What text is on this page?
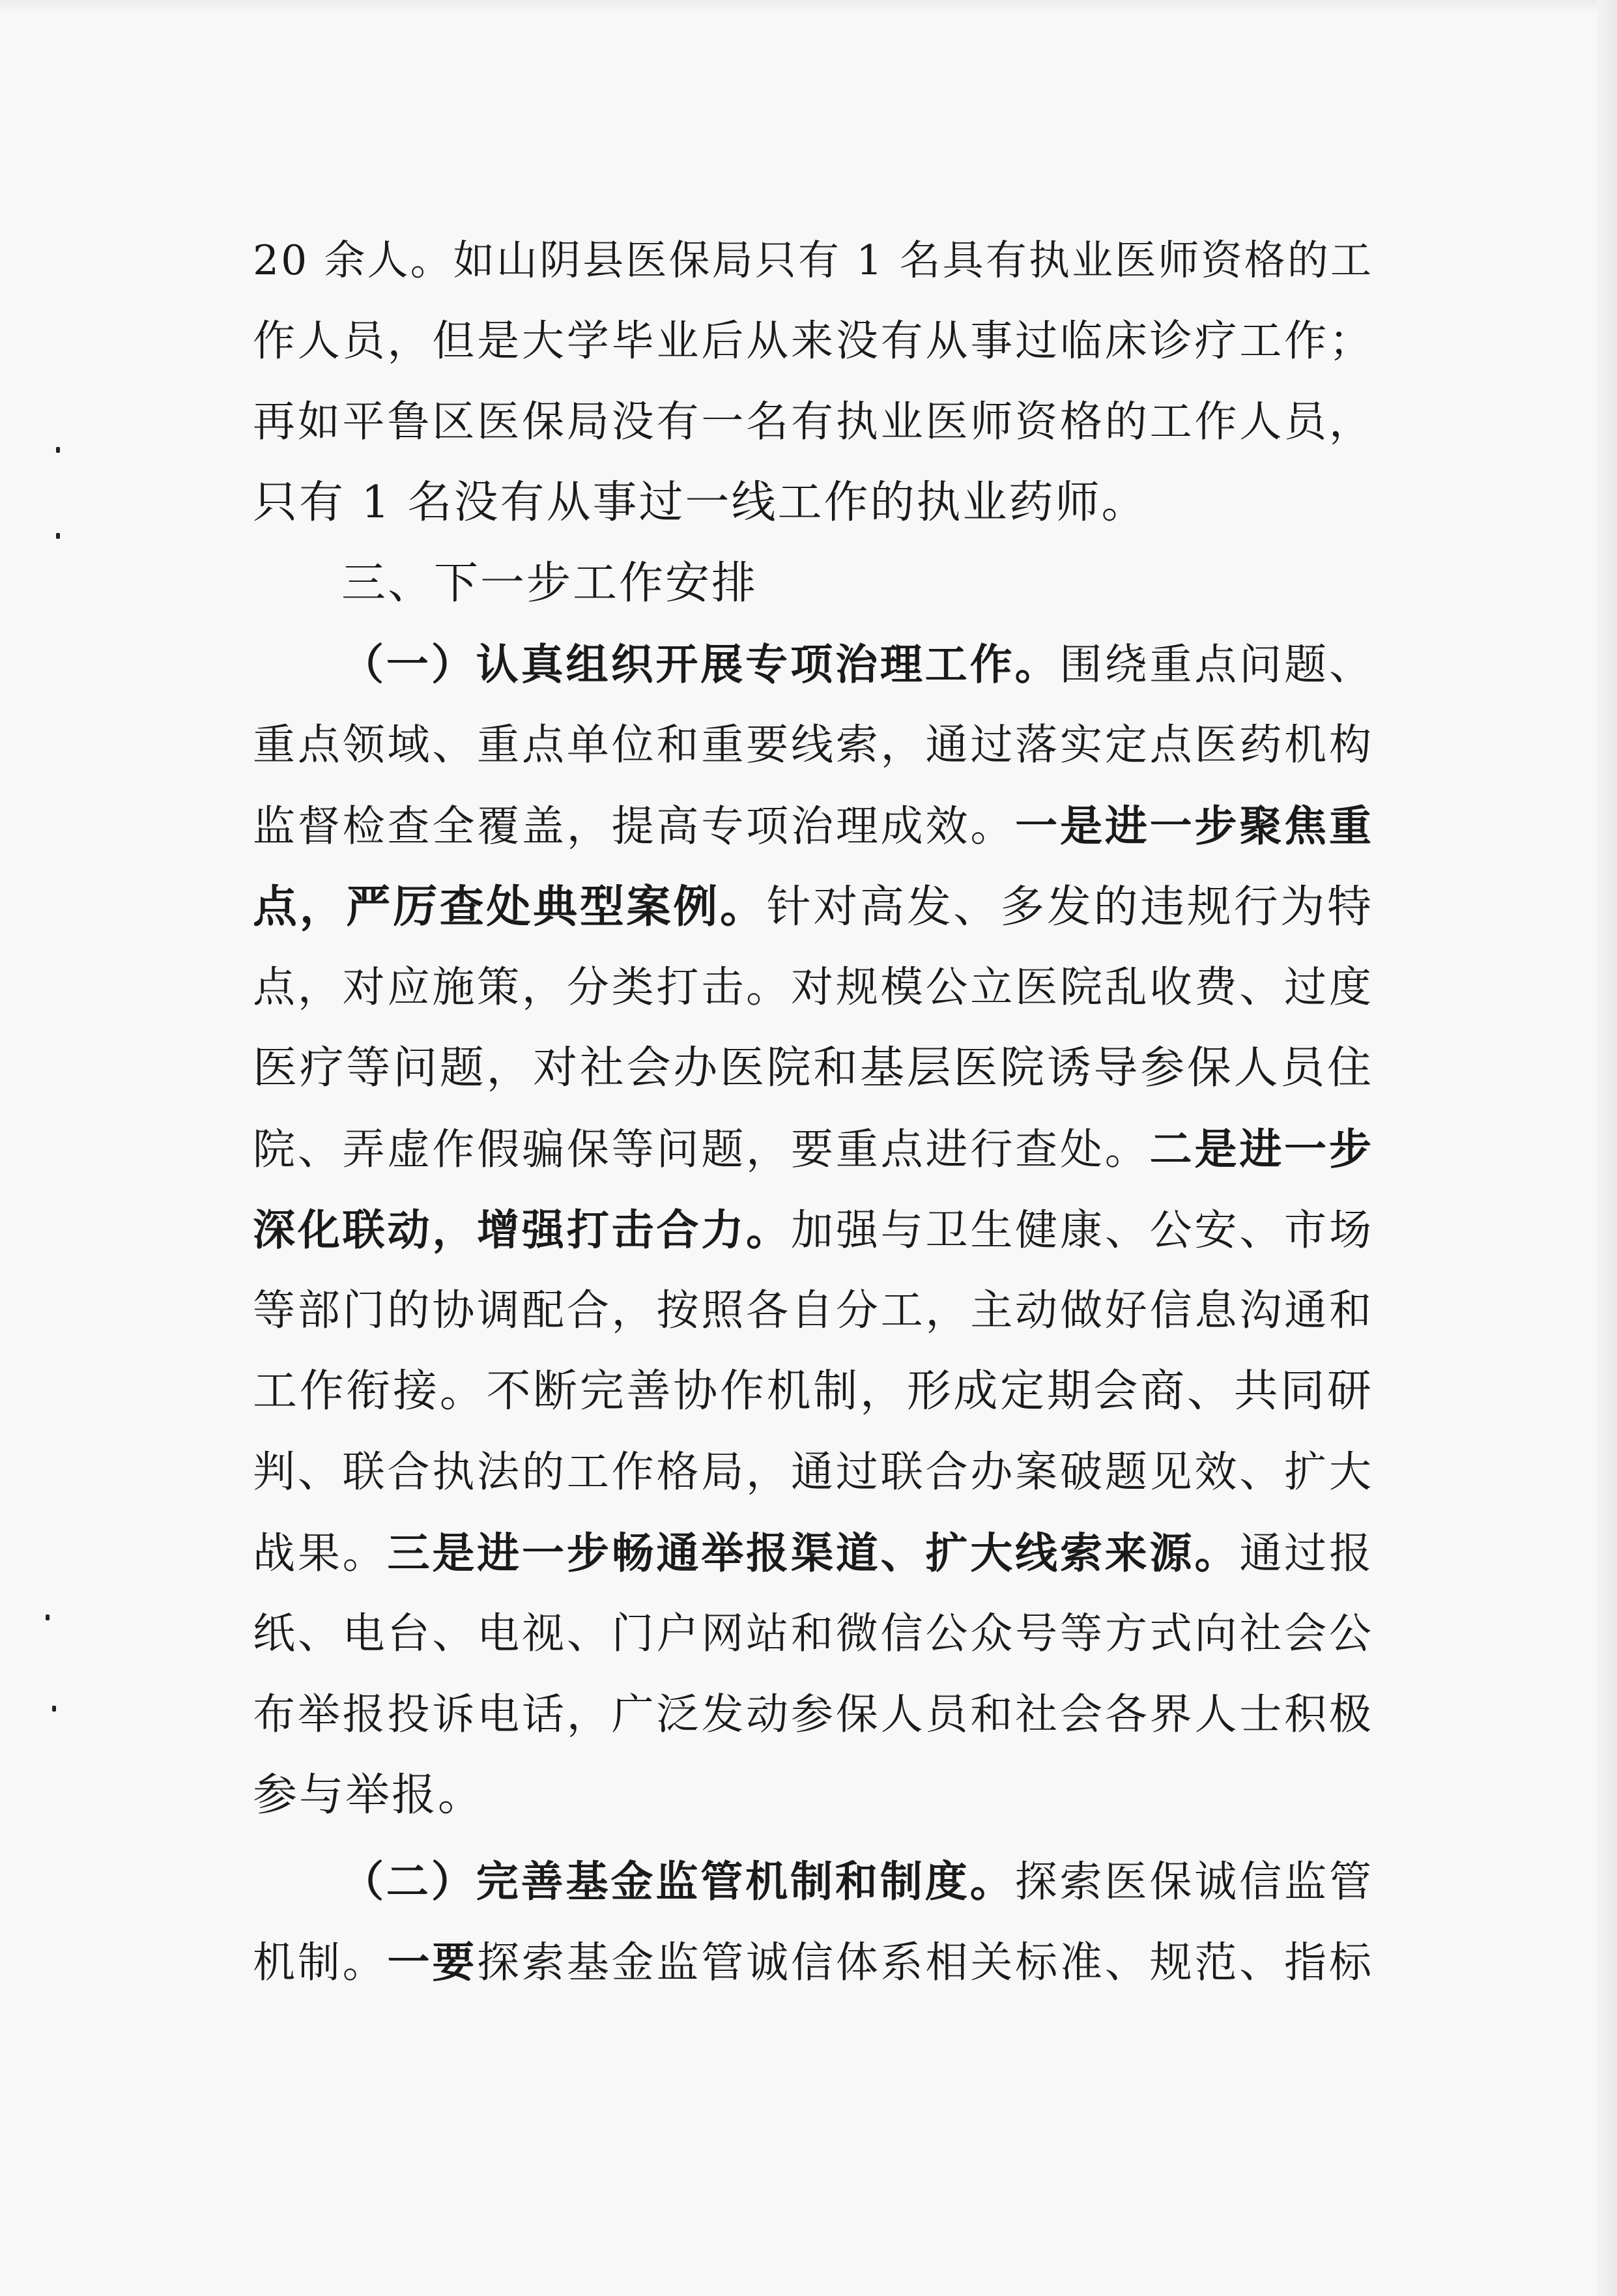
20 余人。如山阴县医保局只有 1 名具有执业医师资格的工
作人员，但是大学毕业后从来没有从事过临床诊疗工作；
再如平鲁区医保局没有一名有执业医师资格的工作人员，
只有 1 名没有从事过一线工作的执业药师。

三、下一步工作安排

（一）认真组织开展专项治理工作。围绕重点问题、
重点领域、重点单位和重要线索，通过落实定点医药机构
监督检查全覆盖，提高专项治理成效。一是进一步聚焦重
点，严厉查处典型案例。针对高发、多发的违规行为特
点，对应施策，分类打击。对规模公立医院乱收费、过度
医疗等问题，对社会办医院和基层医院诱导参保人员住
院、弄虚作假骗保等问题，要重点进行查处。二是进一步
深化联动，增强打击合力。加强与卫生健康、公安、市场
等部门的协调配合，按照各自分工，主动做好信息沟通和
工作衔接。不断完善协作机制，形成定期会商、共同研
判、联合执法的工作格局，通过联合办案破题见效、扩大
战果。三是进一步畅通举报渠道、扩大线索来源。通过报
纸、电台、电视、门户网站和微信公众号等方式向社会公
布举报投诉电话，广泛发动参保人员和社会各界人士积极
参与举报。

（二）完善基金监管机制和制度。探索医保诚信监管
机制。一要探索基金监管诚信体系相关标准、规范、指标
